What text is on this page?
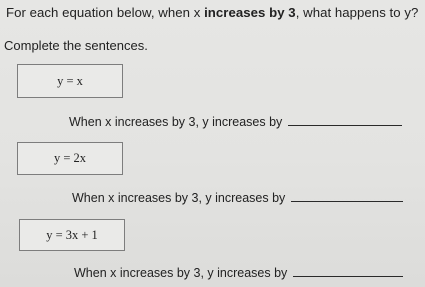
For each equation below, when x increases by 3, what happens to y?
Complete the sentences.
y = x
When x increases by 3, y increases by
y = 2x
When x increases by 3, y increases by
y = 3x + 1
When x increases by 3, y increases by
